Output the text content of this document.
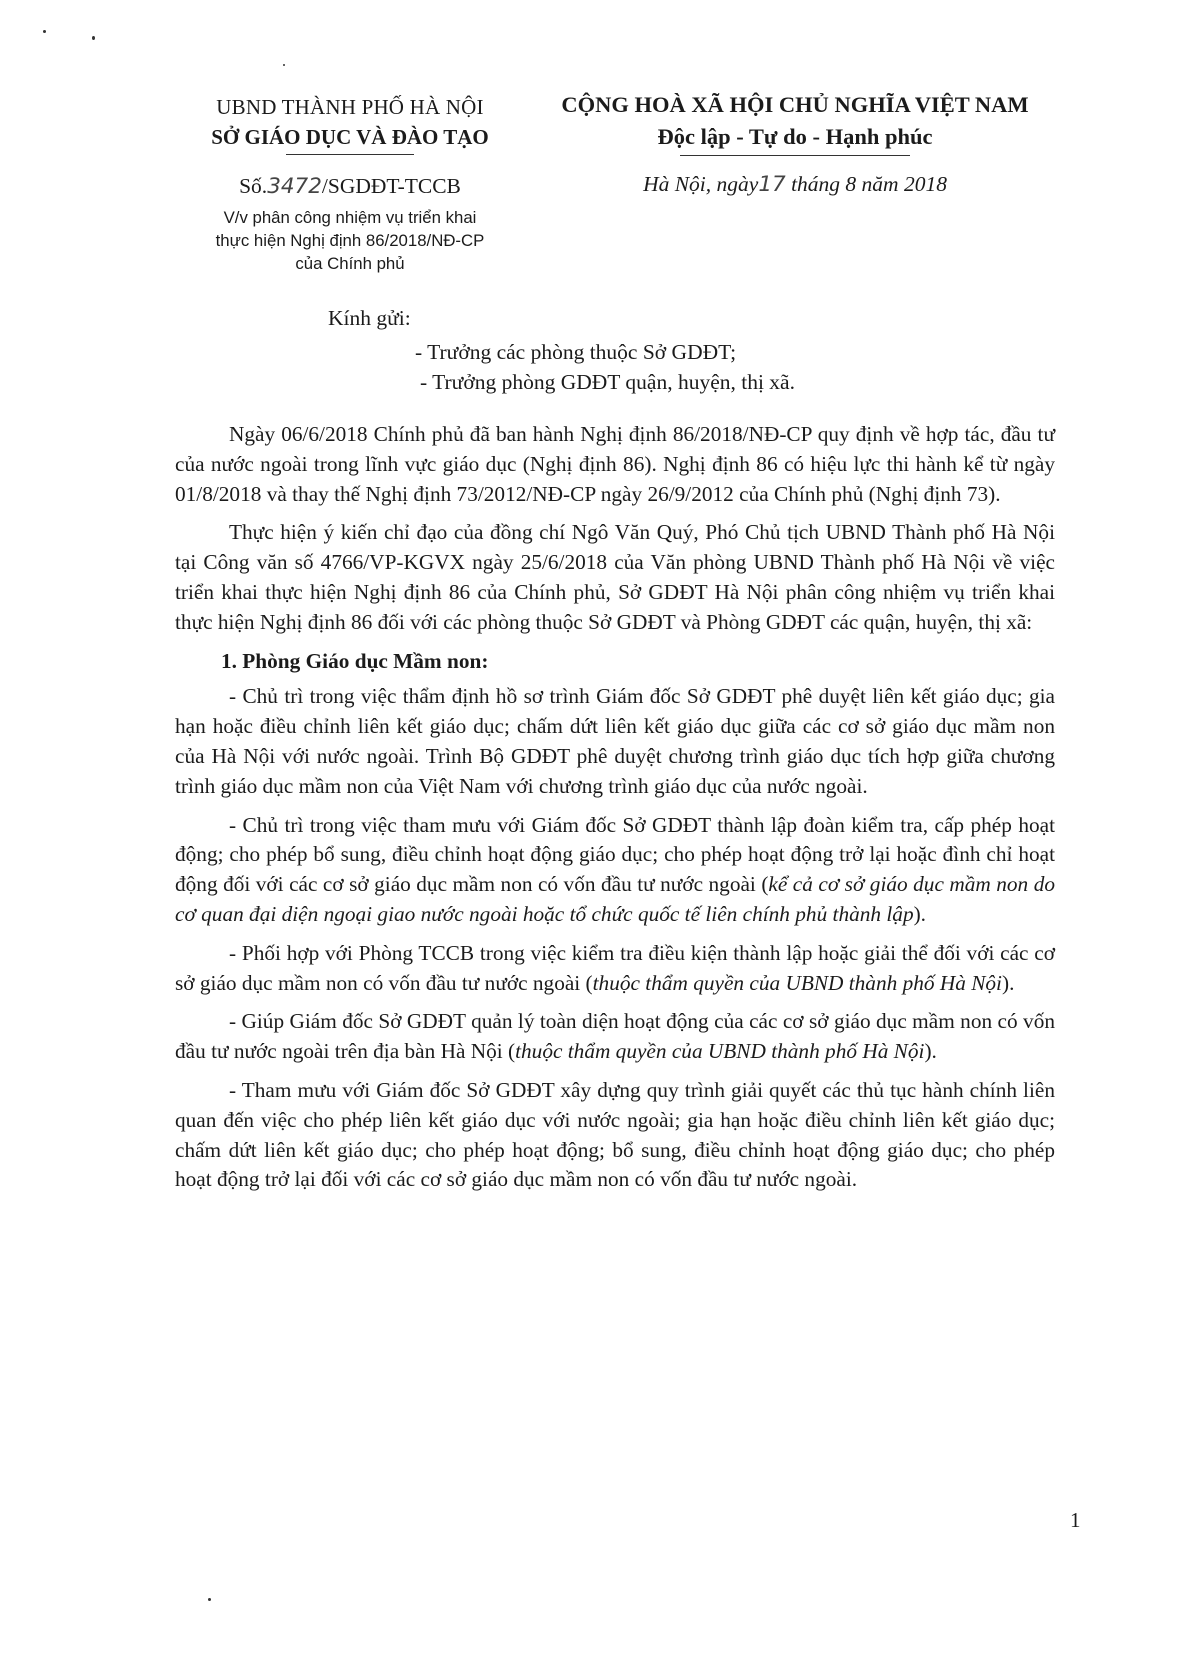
UBND THÀNH PHỐ HÀ NỘI
SỞ GIÁO DỤC VÀ ĐÀO TẠO
CỘNG HOÀ XÃ HỘI CHỦ NGHĨA VIỆT NAM
Độc lập - Tự do - Hạnh phúc
Số.3472/SGDĐT-TCCB	Hà Nội, ngày17 tháng 8 năm 2018
V/v phân công nhiệm vụ triển khai
thực hiện Nghị định 86/2018/NĐ-CP
của Chính phủ
Kính gửi:
- Trưởng các phòng thuộc Sở GDĐT;
- Trưởng phòng GDĐT quận, huyện, thị xã.

Ngày 06/6/2018 Chính phủ đã ban hành Nghị định 86/2018/NĐ-CP quy định về hợp tác, đầu tư của nước ngoài trong lĩnh vực giáo dục (Nghị định 86). Nghị định 86 có hiệu lực thi hành kể từ ngày 01/8/2018 và thay thế Nghị định 73/2012/NĐ-CP ngày 26/9/2012 của Chính phủ (Nghị định 73).

Thực hiện ý kiến chỉ đạo của đồng chí Ngô Văn Quý, Phó Chủ tịch UBND Thành phố Hà Nội tại Công văn số 4766/VP-KGVX ngày 25/6/2018 của Văn phòng UBND Thành phố Hà Nội về việc triển khai thực hiện Nghị định 86 của Chính phủ, Sở GDĐT Hà Nội phân công nhiệm vụ triển khai thực hiện Nghị định 86 đối với các phòng thuộc Sở GDĐT và Phòng GDĐT các quận, huyện, thị xã:

1. Phòng Giáo dục Mầm non:

- Chủ trì trong việc thẩm định hồ sơ trình Giám đốc Sở GDĐT phê duyệt liên kết giáo dục; gia hạn hoặc điều chỉnh liên kết giáo dục; chấm dứt liên kết giáo dục giữa các cơ sở giáo dục mầm non của Hà Nội với nước ngoài. Trình Bộ GDĐT phê duyệt chương trình giáo dục tích hợp giữa chương trình giáo dục mầm non của Việt Nam với chương trình giáo dục của nước ngoài.

- Chủ trì trong việc tham mưu với Giám đốc Sở GDĐT thành lập đoàn kiểm tra, cấp phép hoạt động; cho phép bổ sung, điều chỉnh hoạt động giáo dục; cho phép hoạt động trở lại hoặc đình chỉ hoạt động đối với các cơ sở giáo dục mầm non có vốn đầu tư nước ngoài (kể cả cơ sở giáo dục mầm non do cơ quan đại diện ngoại giao nước ngoài hoặc tổ chức quốc tế liên chính phủ thành lập).

- Phối hợp với Phòng TCCB trong việc kiểm tra điều kiện thành lập hoặc giải thể đối với các cơ sở giáo dục mầm non có vốn đầu tư nước ngoài (thuộc thẩm quyền của UBND thành phố Hà Nội).

- Giúp Giám đốc Sở GDĐT quản lý toàn diện hoạt động của các cơ sở giáo dục mầm non có vốn đầu tư nước ngoài trên địa bàn Hà Nội (thuộc thẩm quyền của UBND thành phố Hà Nội).

- Tham mưu với Giám đốc Sở GDĐT xây dựng quy trình giải quyết các thủ tục hành chính liên quan đến việc cho phép liên kết giáo dục với nước ngoài; gia hạn hoặc điều chỉnh liên kết giáo dục; chấm dứt liên kết giáo dục; cho phép hoạt động; bổ sung, điều chỉnh hoạt động giáo dục; cho phép hoạt động trở lại đối với các cơ sở giáo dục mầm non có vốn đầu tư nước ngoài.

1
